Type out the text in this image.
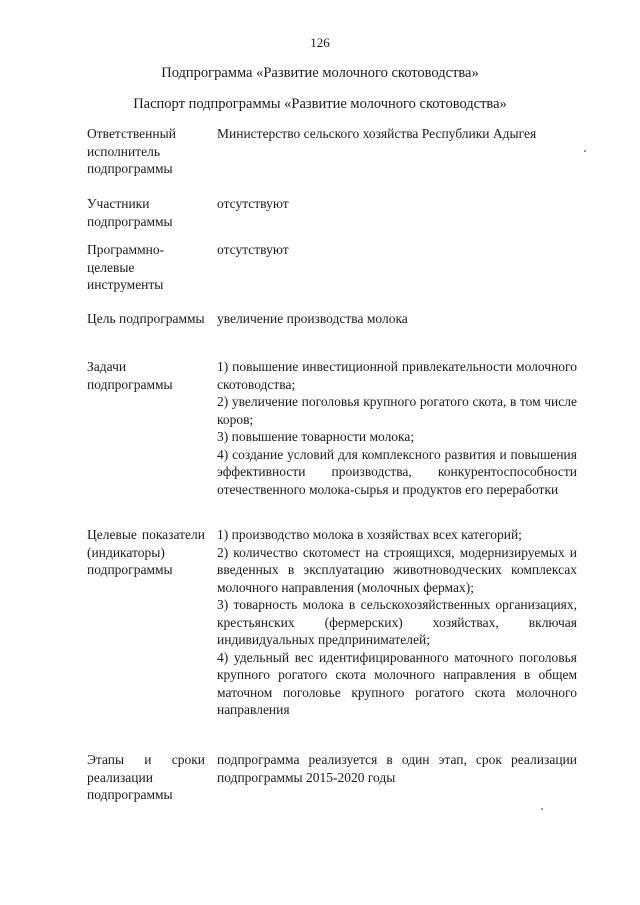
126
Подпрограмма «Развитие молочного скотоводства»
Паспорт подпрограммы «Развитие молочного скотоводства»
Ответственный исполнитель подпрограммы

Министерство сельского хозяйства Республики Адыгея

Участники подпрограммы

отсутствуют

Программно-целевые инструменты

отсутствуют

Цель подпрограммы увеличение производства молока

Задачи подпрограммы

1) повышение инвестиционной привлекательности молочного скотоводства;

2) увеличение поголовья крупного рогатого скота, в том числе коров;

3) повышение товарности молока;

4) создание условий для комплексного развития и повышения эффективности производства, конкурентоспособности отечественного молока-сырья и продуктов его переработки

Целевые показатели (индикаторы) подпрограммы

1) производство молока в хозяйствах всех категорий;

2) количество скотомест на строящихся, модернизируемых и введенных в эксплуатацию животноводческих комплексах молочного направления (молочных фермах);

3) товарность молока в сельскохозяйственных организациях, крестьянских (фермерских) хозяйствах, включая индивидуальных предпринимателей;

4) удельный вес идентифицированного маточного поголовья крупного рогатого скота молочного направления в общем маточном поголовье крупного рогатого скота молочного направления

Этапы и сроки реализации подпрограммы

подпрограмма реализуется в один этап, срок реализации подпрограммы 2015-2020 годы
